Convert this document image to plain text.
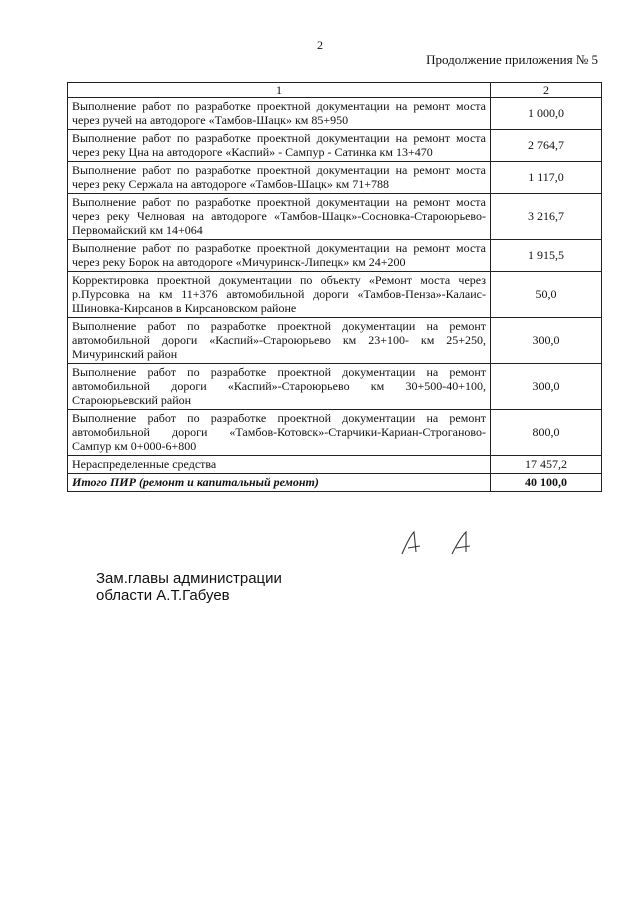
2
Продолжение приложения № 5
1	2
Выполнение работ по разработке проектной документации на ремонт моста через ручей на автодороге «Тамбов-Шацк» км 85+950	1 000,0
Выполнение работ по разработке проектной документации на ремонт моста через реку Цна на автодороге «Каспий» - Сампур - Сатинка км 13+470	2 764,7
Выполнение работ по разработке проектной документации на ремонт моста через реку Сержала на автодороге «Тамбов-Шацк» км 71+788	1 117,0
Выполнение работ по разработке проектной документации на ремонт моста через реку Челновая на автодороге «Тамбов-Шацк»-Сосновка-Староюрьево-Первомайский км 14+064	3 216,7
Выполнение работ по разработке проектной документации на ремонт моста через реку Борок на автодороге «Мичуринск-Липецк» км 24+200	1 915,5
Корректировка проектной документации по объекту «Ремонт моста через р.Пурсовка на км 11+376 автомобильной дороги «Тамбов-Пенза»-Калаис-Шиновка-Кирсанов в Кирсановском районе	50,0
Выполнение работ по разработке проектной документации на ремонт автомобильной дороги «Каспий»-Староюрьево км 23+100- км 25+250, Мичуринский район	300,0
Выполнение работ по разработке проектной документации на ремонт автомобильной дороги «Каспий»-Староюрьево км 30+500-40+100, Староюрьевский район	300,0
Выполнение работ по разработке проектной документации на ремонт автомобильной дороги «Тамбов-Котовск»-Старчики-Кариан-Строганово-Сампур км 0+000-6+800	800,0
Нераспределенные средства	17 457,2
Итого ПИР (ремонт и капитальный ремонт)	40 100,0
Зам.главы администрации
области А.Т.Габуев
